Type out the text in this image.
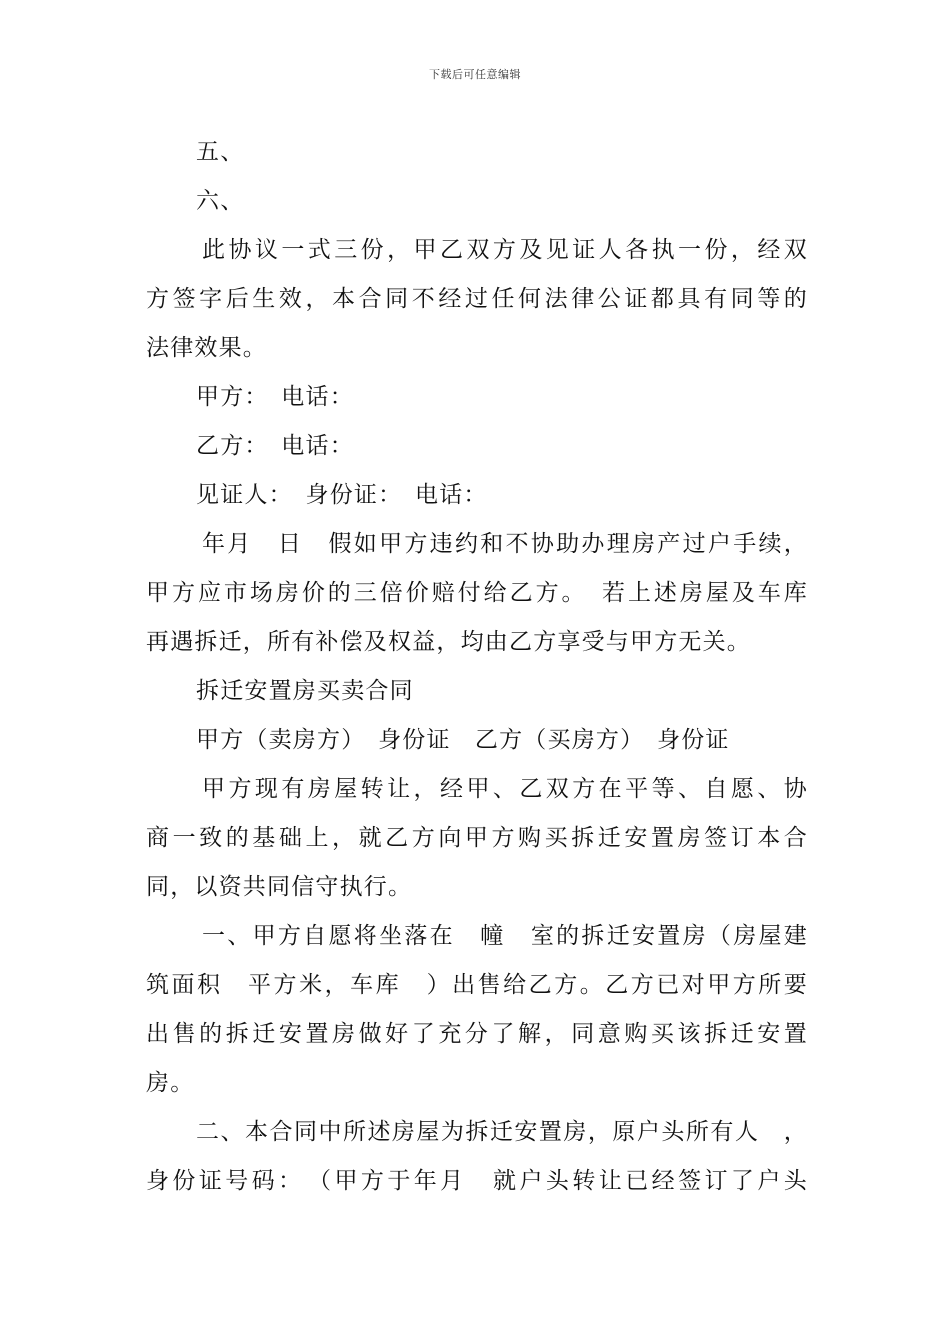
下载后可任意编辑
五、
六、
此协议一式三份，甲乙双方及见证人各执一份，经双
方签字后生效，本合同不经过任何法律公证都具有同等的
法律效果。
甲方：　电话：
乙方：　电话：
见证人：　身份证：　电话：
年月　日　假如甲方违约和不协助办理房产过户手续，
甲方应市场房价的三倍价赔付给乙方。　若上述房屋及车库
再遇拆迁，所有补偿及权益，均由乙方享受与甲方无关。
拆迁安置房买卖合同
甲方（卖房方）　身份证　乙方（买房方）　身份证
甲方现有房屋转让，经甲、乙双方在平等、自愿、协
商一致的基础上，就乙方向甲方购买拆迁安置房签订本合
同，以资共同信守执行。
一、甲方自愿将坐落在　幢　室的拆迁安置房（房屋建
筑面积　平方米，车库　）出售给乙方。乙方已对甲方所要
出售的拆迁安置房做好了充分了解，同意购买该拆迁安置
房。
二、本合同中所述房屋为拆迁安置房，原户头所有人　，
身份证号码：　（甲方于年月　就户头转让已经签订了户头
